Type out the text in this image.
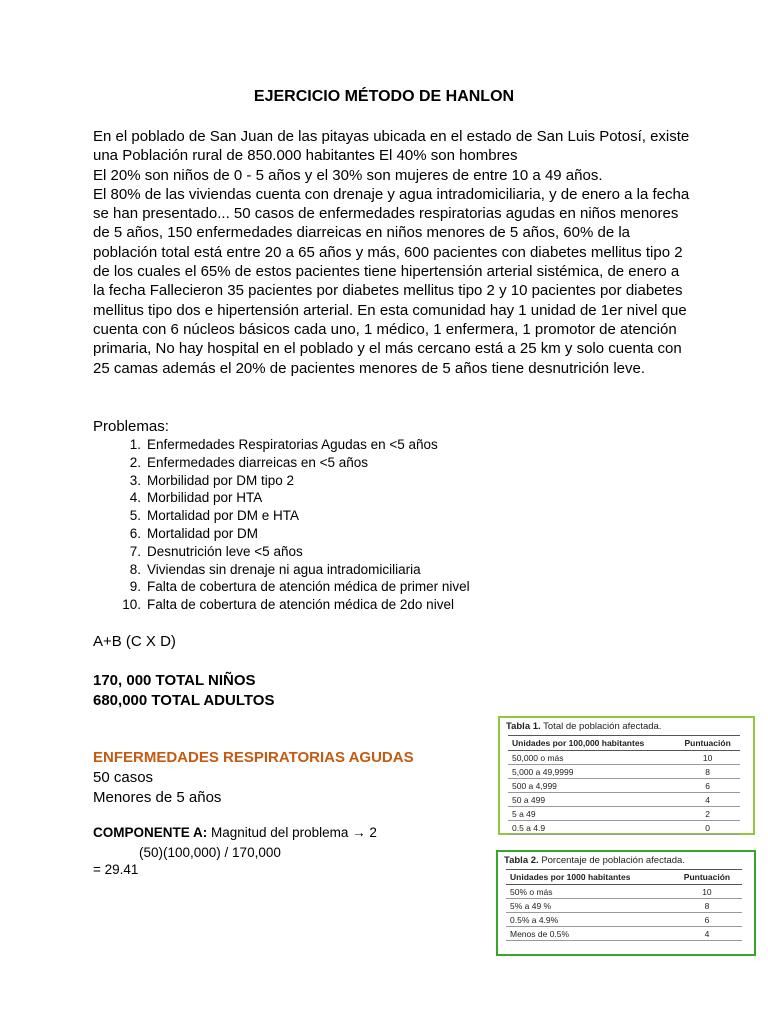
EJERCICIO MÉTODO DE HANLON

En el poblado de San Juan de las pitayas ubicada en el estado de San Luis Potosí, existe una Población rural de 850.000 habitantes El 40% son hombres

El 20% son niños de 0 - 5 años y el 30% son mujeres de entre 10 a 49 años.

El 80% de las viviendas cuenta con drenaje y agua intradomiciliaria, y de enero a la fecha se han presentado... 50 casos de enfermedades respiratorias agudas en niños menores de 5 años, 150 enfermedades diarreicas en niños menores de 5 años, 60% de la población total está entre 20 a 65 años y más, 600 pacientes con diabetes mellitus tipo 2 de los cuales el 65% de estos pacientes tiene hipertensión arterial sistémica, de enero a la fecha Fallecieron 35 pacientes por diabetes mellitus tipo 2 y 10 pacientes por diabetes mellitus tipo dos e hipertensión arterial. En esta comunidad hay 1 unidad de 1er nivel que cuenta con 6 núcleos básicos cada uno, 1 médico, 1 enfermera, 1 promotor de atención primaria, No hay hospital en el poblado y el más cercano está a 25 km y solo cuenta con 25 camas además el 20% de pacientes menores de 5 años tiene desnutrición leve.

Problemas:
1. Enfermedades Respiratorias Agudas en <5 años
2. Enfermedades diarreicas en <5 años
3. Morbilidad por DM tipo 2
4. Morbilidad por HTA
5. Mortalidad por DM e HTA
6. Mortalidad por DM
7. Desnutrición leve <5 años
8. Viviendas sin drenaje ni agua intradomiciliaria
9. Falta de cobertura de atención médica de primer nivel
10. Falta de cobertura de atención médica de 2do nivel
A+B (C X D)
170, 000 TOTAL NIÑOS
680,000 TOTAL ADULTOS
ENFERMEDADES RESPIRATORIAS AGUDAS
50 casos
Menores de 5 años
COMPONENTE A: Magnitud del problema → 2
(50)(100,000) / 170,000
= 29.41
Tabla 1. Total de población afectada.
Unidades por 100,000 habitantes	Puntuación
50,000 o más	10
5,000 a 49,9999	8
500 a 4,999	6
50 a 499	4
5 a 49	2
0.5 a 4.9	0
Tabla 2. Porcentaje de población afectada.
Unidades por 1000 habitantes	Puntuación
50% o más	10
5% a 49 %	8
0.5% a 4.9%	6
Menos de 0.5%	4
